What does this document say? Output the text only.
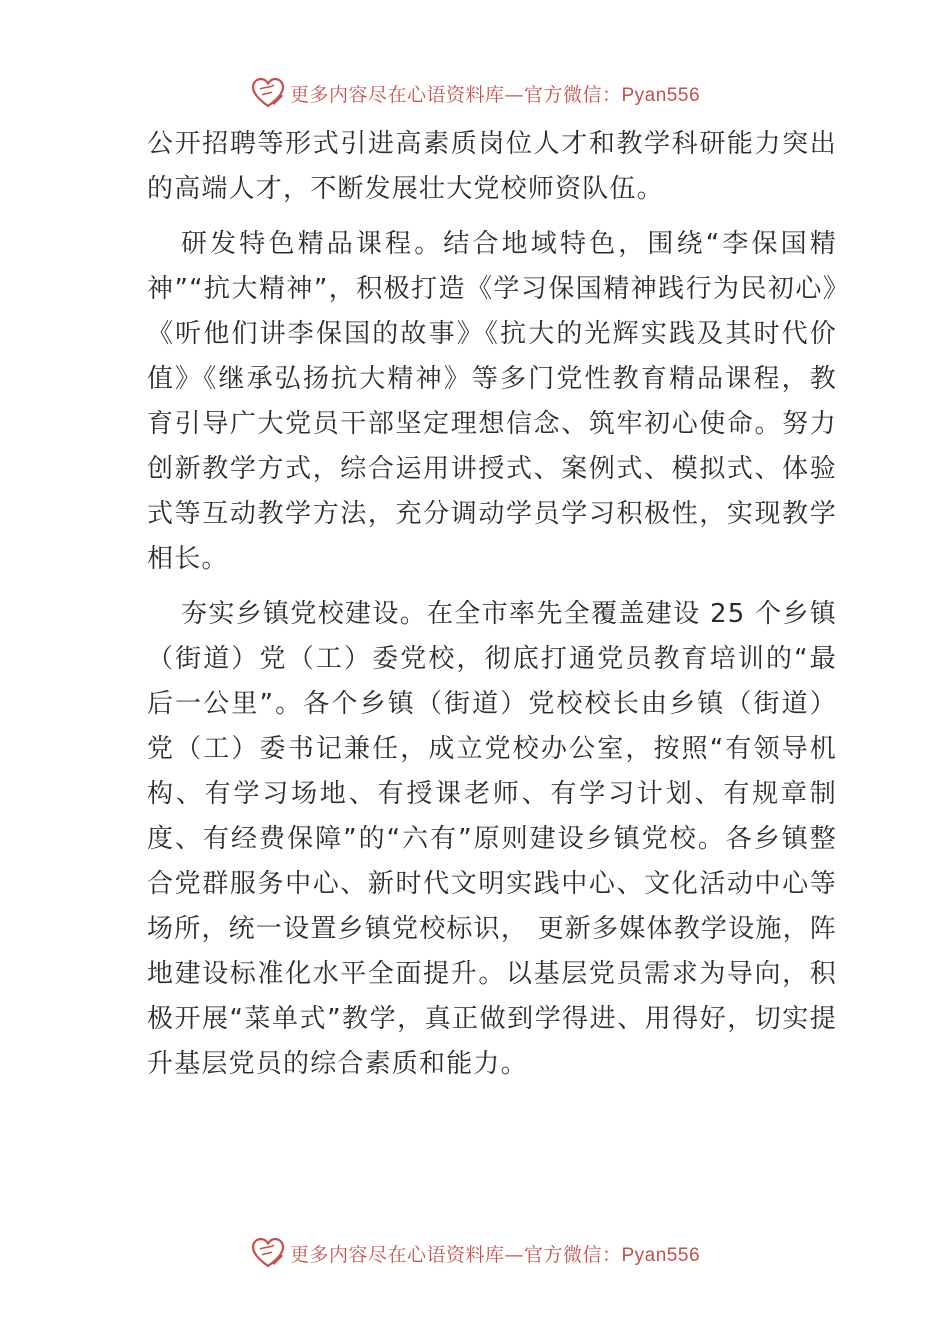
更多内容尽在心语资料库—官方微信：Pyan556

公开招聘等形式引进高素质岗位人才和教学科研能力突出的高端人才，不断发展壮大党校师资队伍。

研发特色精品课程。结合地域特色，围绕“李保国精神”“抗大精神”，积极打造《学习保国精神践行为民初心》《听他们讲李保国的故事》《抗大的光辉实践及其时代价值》《继承弘扬抗大精神》等多门党性教育精品课程，教育引导广大党员干部坚定理想信念、筑牢初心使命。努力创新教学方式，综合运用讲授式、案例式、模拟式、体验式等互动教学方法，充分调动学员学习积极性，实现教学相长。

夯实乡镇党校建设。在全市率先全覆盖建设 25 个乡镇（街道）党（工）委党校，彻底打通党员教育培训的“最后一公里”。各个乡镇（街道）党校校长由乡镇（街道）党（工）委书记兼任，成立党校办公室，按照“有领导机构、有学习场地、有授课老师、有学习计划、有规章制度、有经费保障”的“六有”原则建设乡镇党校。各乡镇整合党群服务中心、新时代文明实践中心、文化活动中心等场所，统一设置乡镇党校标识， 更新多媒体教学设施，阵地建设标准化水平全面提升。以基层党员需求为导向，积极开展“菜单式”教学，真正做到学得进、用得好，切实提升基层党员的综合素质和能力。

更多内容尽在心语资料库—官方微信：Pyan556
